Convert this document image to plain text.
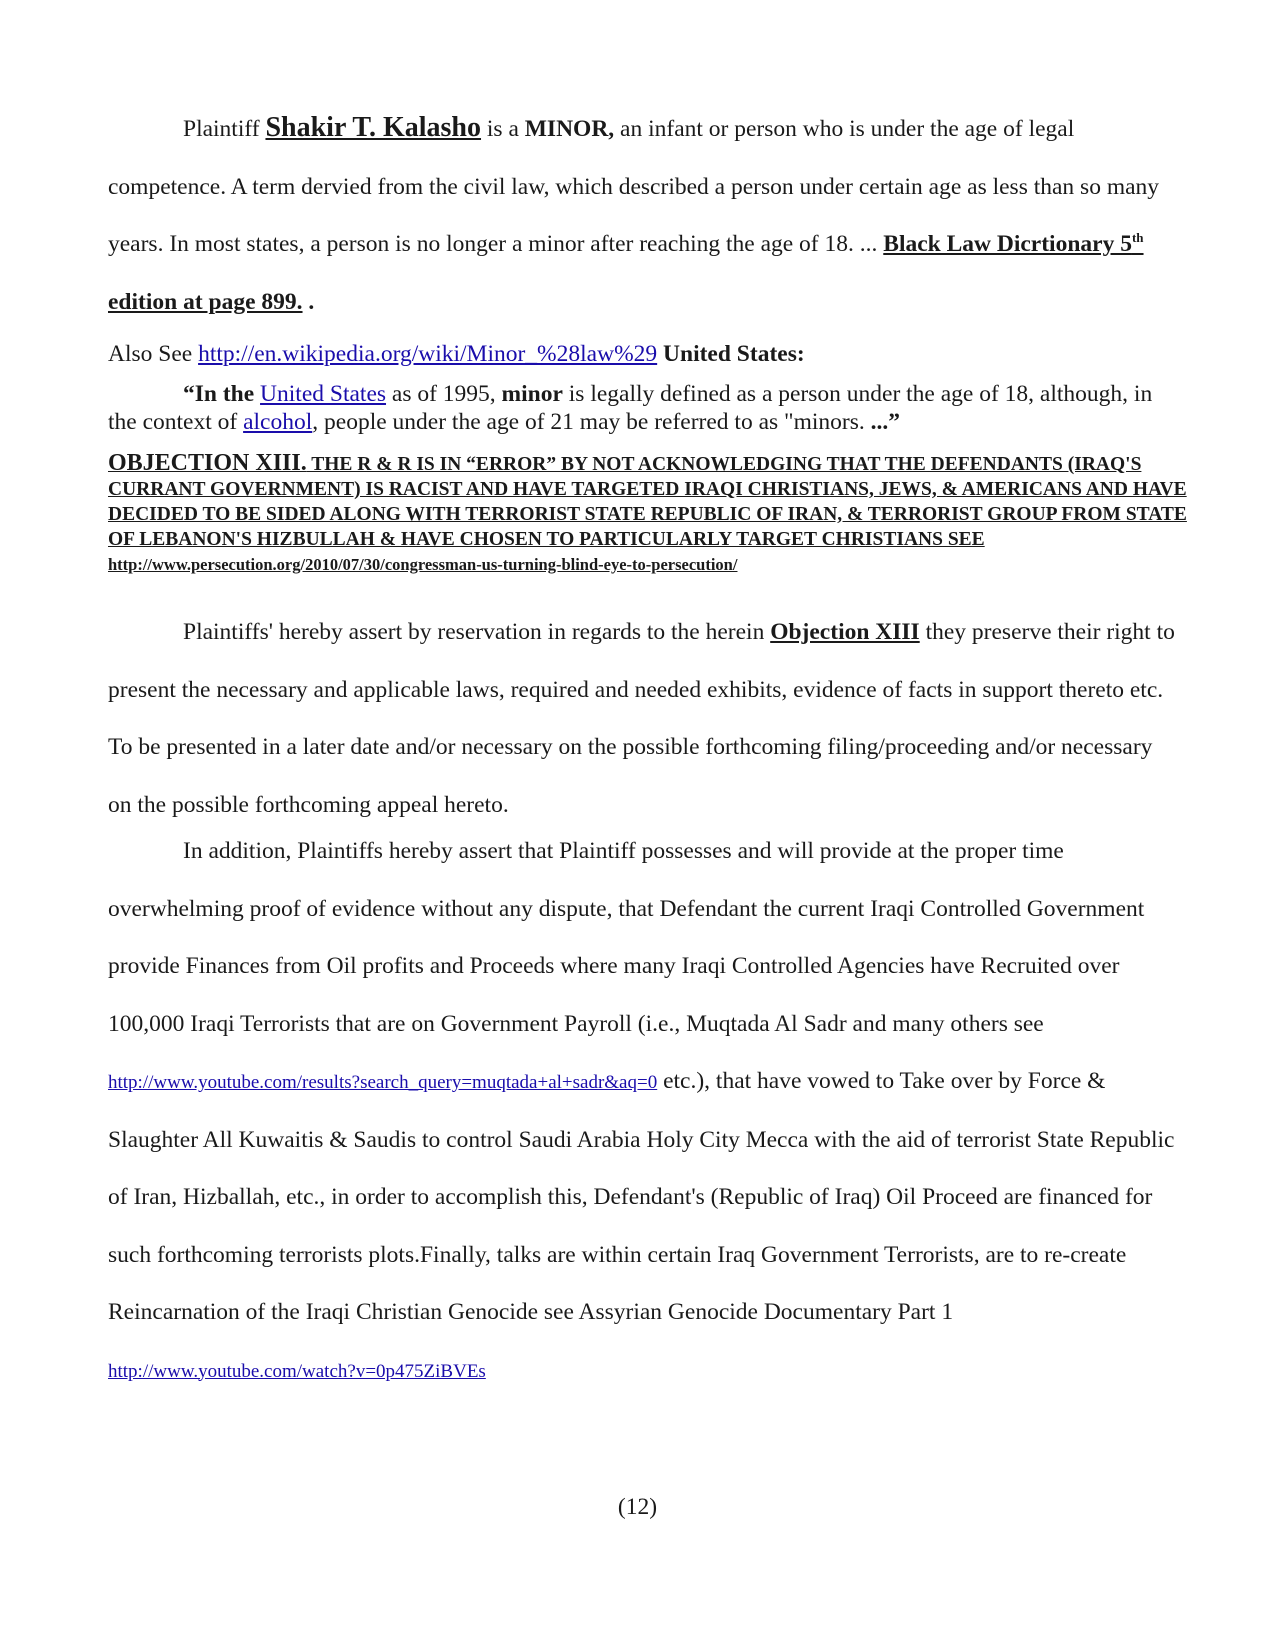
Plaintiff Shakir T. Kalasho is a MINOR, an infant or person who is under the age of legal competence. A term dervied from the civil law, which described a person under certain age as less than so many years. In most states, a person is no longer a minor after reaching the age of 18. ... Black Law Dicrtionary 5th edition at page 899. .
Also See http://en.wikipedia.org/wiki/Minor_%28law%29 United States:
“In the United States as of 1995, minor is legally defined as a person under the age of 18, although, in the context of alcohol, people under the age of 21 may be referred to as "minors. ...”
OBJECTION XIII. THE R & R IS IN “ERROR” BY NOT ACKNOWLEDGING THAT THE DEFENDANTS (IRAQ'S CURRANT GOVERNMENT) IS RACIST AND HAVE TARGETED IRAQI CHRISTIANS, JEWS, & AMERICANS AND HAVE DECIDED TO BE SIDED ALONG WITH TERRORIST STATE REPUBLIC OF IRAN, & TERRORIST GROUP FROM STATE OF LEBANON'S HIZBULLAH & HAVE CHOSEN TO PARTICULARLY TARGET CHRISTIANS SEE
http://www.persecution.org/2010/07/30/congressman-us-turning-blind-eye-to-persecution/
Plaintiffs' hereby assert by reservation in regards to the herein Objection XIII they preserve their right to present the necessary and applicable laws, required and needed exhibits, evidence of facts in support thereto etc. To be presented in a later date and/or necessary on the possible forthcoming filing/proceeding and/or necessary on the possible forthcoming appeal hereto.
In addition, Plaintiffs hereby assert that Plaintiff possesses and will provide at the proper time overwhelming proof of evidence without any dispute, that Defendant the current Iraqi Controlled Government provide Finances from Oil profits and Proceeds where many Iraqi Controlled Agencies have Recruited over 100,000 Iraqi Terrorists that are on Government Payroll (i.e., Muqtada Al Sadr and many others see http://www.youtube.com/results?search_query=muqtada+al+sadr&aq=0 etc.), that have vowed to Take over by Force & Slaughter All Kuwaitis & Saudis to control Saudi Arabia Holy City Mecca with the aid of terrorist State Republic of Iran, Hizballah, etc., in order to accomplish this, Defendant's (Republic of Iraq) Oil Proceed are financed for such forthcoming terrorists plots.Finally, talks are within certain Iraq Government Terrorists, are to re-create Reincarnation of the Iraqi Christian Genocide see Assyrian Genocide Documentary Part 1 http://www.youtube.com/watch?v=0p475ZiBVEs
(12)
